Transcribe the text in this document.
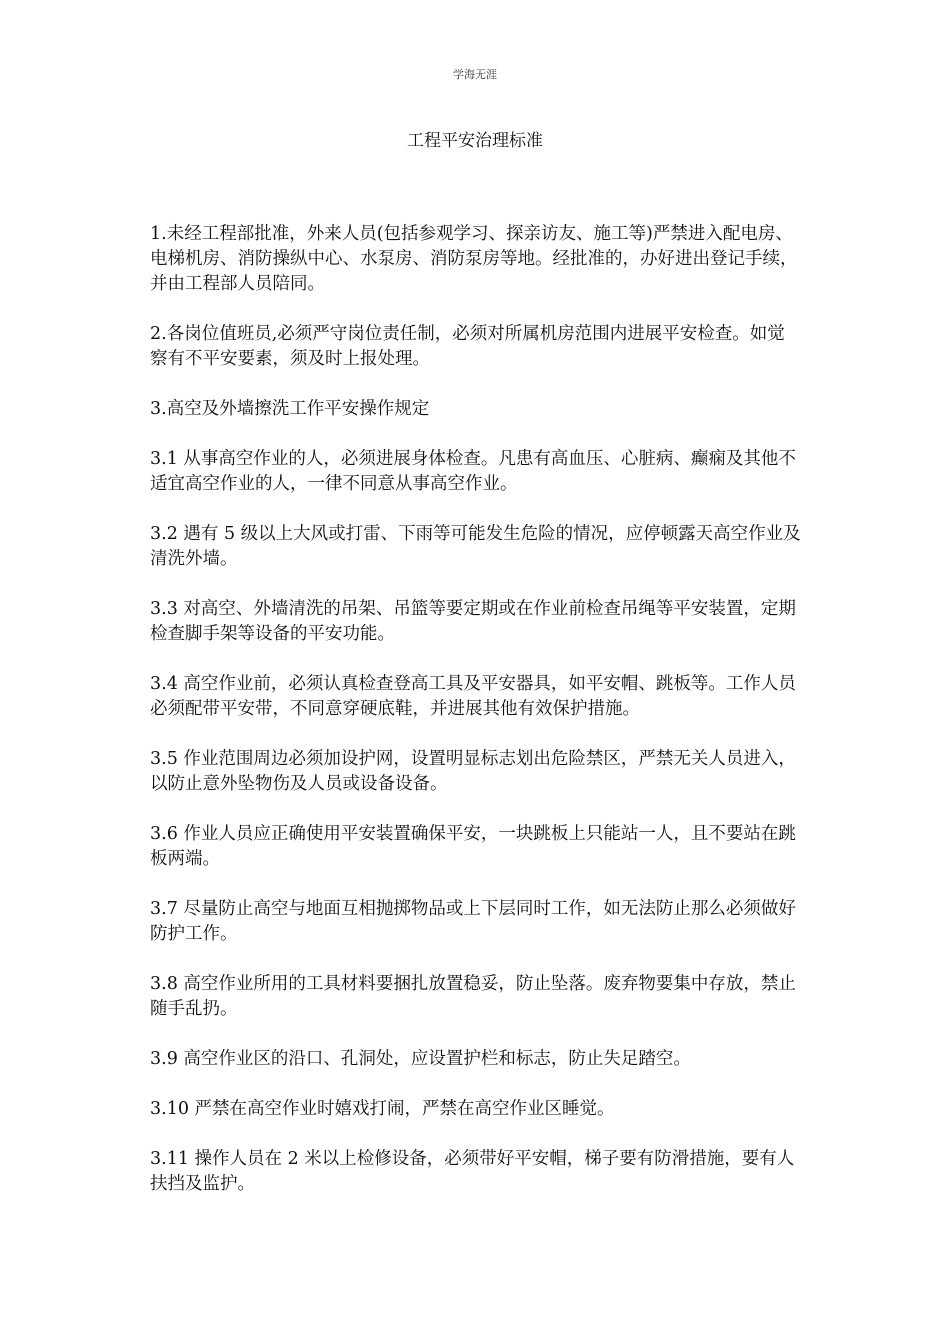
学海无涯
工程平安治理标准

1.未经工程部批准，外来人员(包括参观学习、探亲访友、施工等)严禁进入配电房、电梯机房、消防操纵中心、水泵房、消防泵房等地。经批准的，办好进出登记手续，并由工程部人员陪同。

2.各岗位值班员,必须严守岗位责任制，必须对所属机房范围内进展平安检查。如觉察有不平安要素，须及时上报处理。

3.高空及外墙擦洗工作平安操作规定

3.1 从事高空作业的人，必须进展身体检查。凡患有高血压、心脏病、癫痫及其他不适宜高空作业的人，一律不同意从事高空作业。

3.2 遇有 5 级以上大风或打雷、下雨等可能发生危险的情况，应停顿露天高空作业及清洗外墙。

3.3 对高空、外墙清洗的吊架、吊篮等要定期或在作业前检查吊绳等平安装置，定期检查脚手架等设备的平安功能。

3.4 高空作业前，必须认真检查登高工具及平安器具，如平安帽、跳板等。工作人员必须配带平安带，不同意穿硬底鞋，并进展其他有效保护措施。

3.5 作业范围周边必须加设护网，设置明显标志划出危险禁区，严禁无关人员进入，以防止意外坠物伤及人员或设备设备。

3.6 作业人员应正确使用平安装置确保平安，一块跳板上只能站一人，且不要站在跳板两端。

3.7 尽量防止高空与地面互相抛掷物品或上下层同时工作，如无法防止那么必须做好防护工作。

3.8 高空作业所用的工具材料要捆扎放置稳妥，防止坠落。废弃物要集中存放，禁止随手乱扔。

3.9 高空作业区的沿口、孔洞处，应设置护栏和标志，防止失足踏空。

3.10 严禁在高空作业时嬉戏打闹，严禁在高空作业区睡觉。

3.11 操作人员在 2 米以上检修设备，必须带好平安帽，梯子要有防滑措施，要有人扶挡及监护。
